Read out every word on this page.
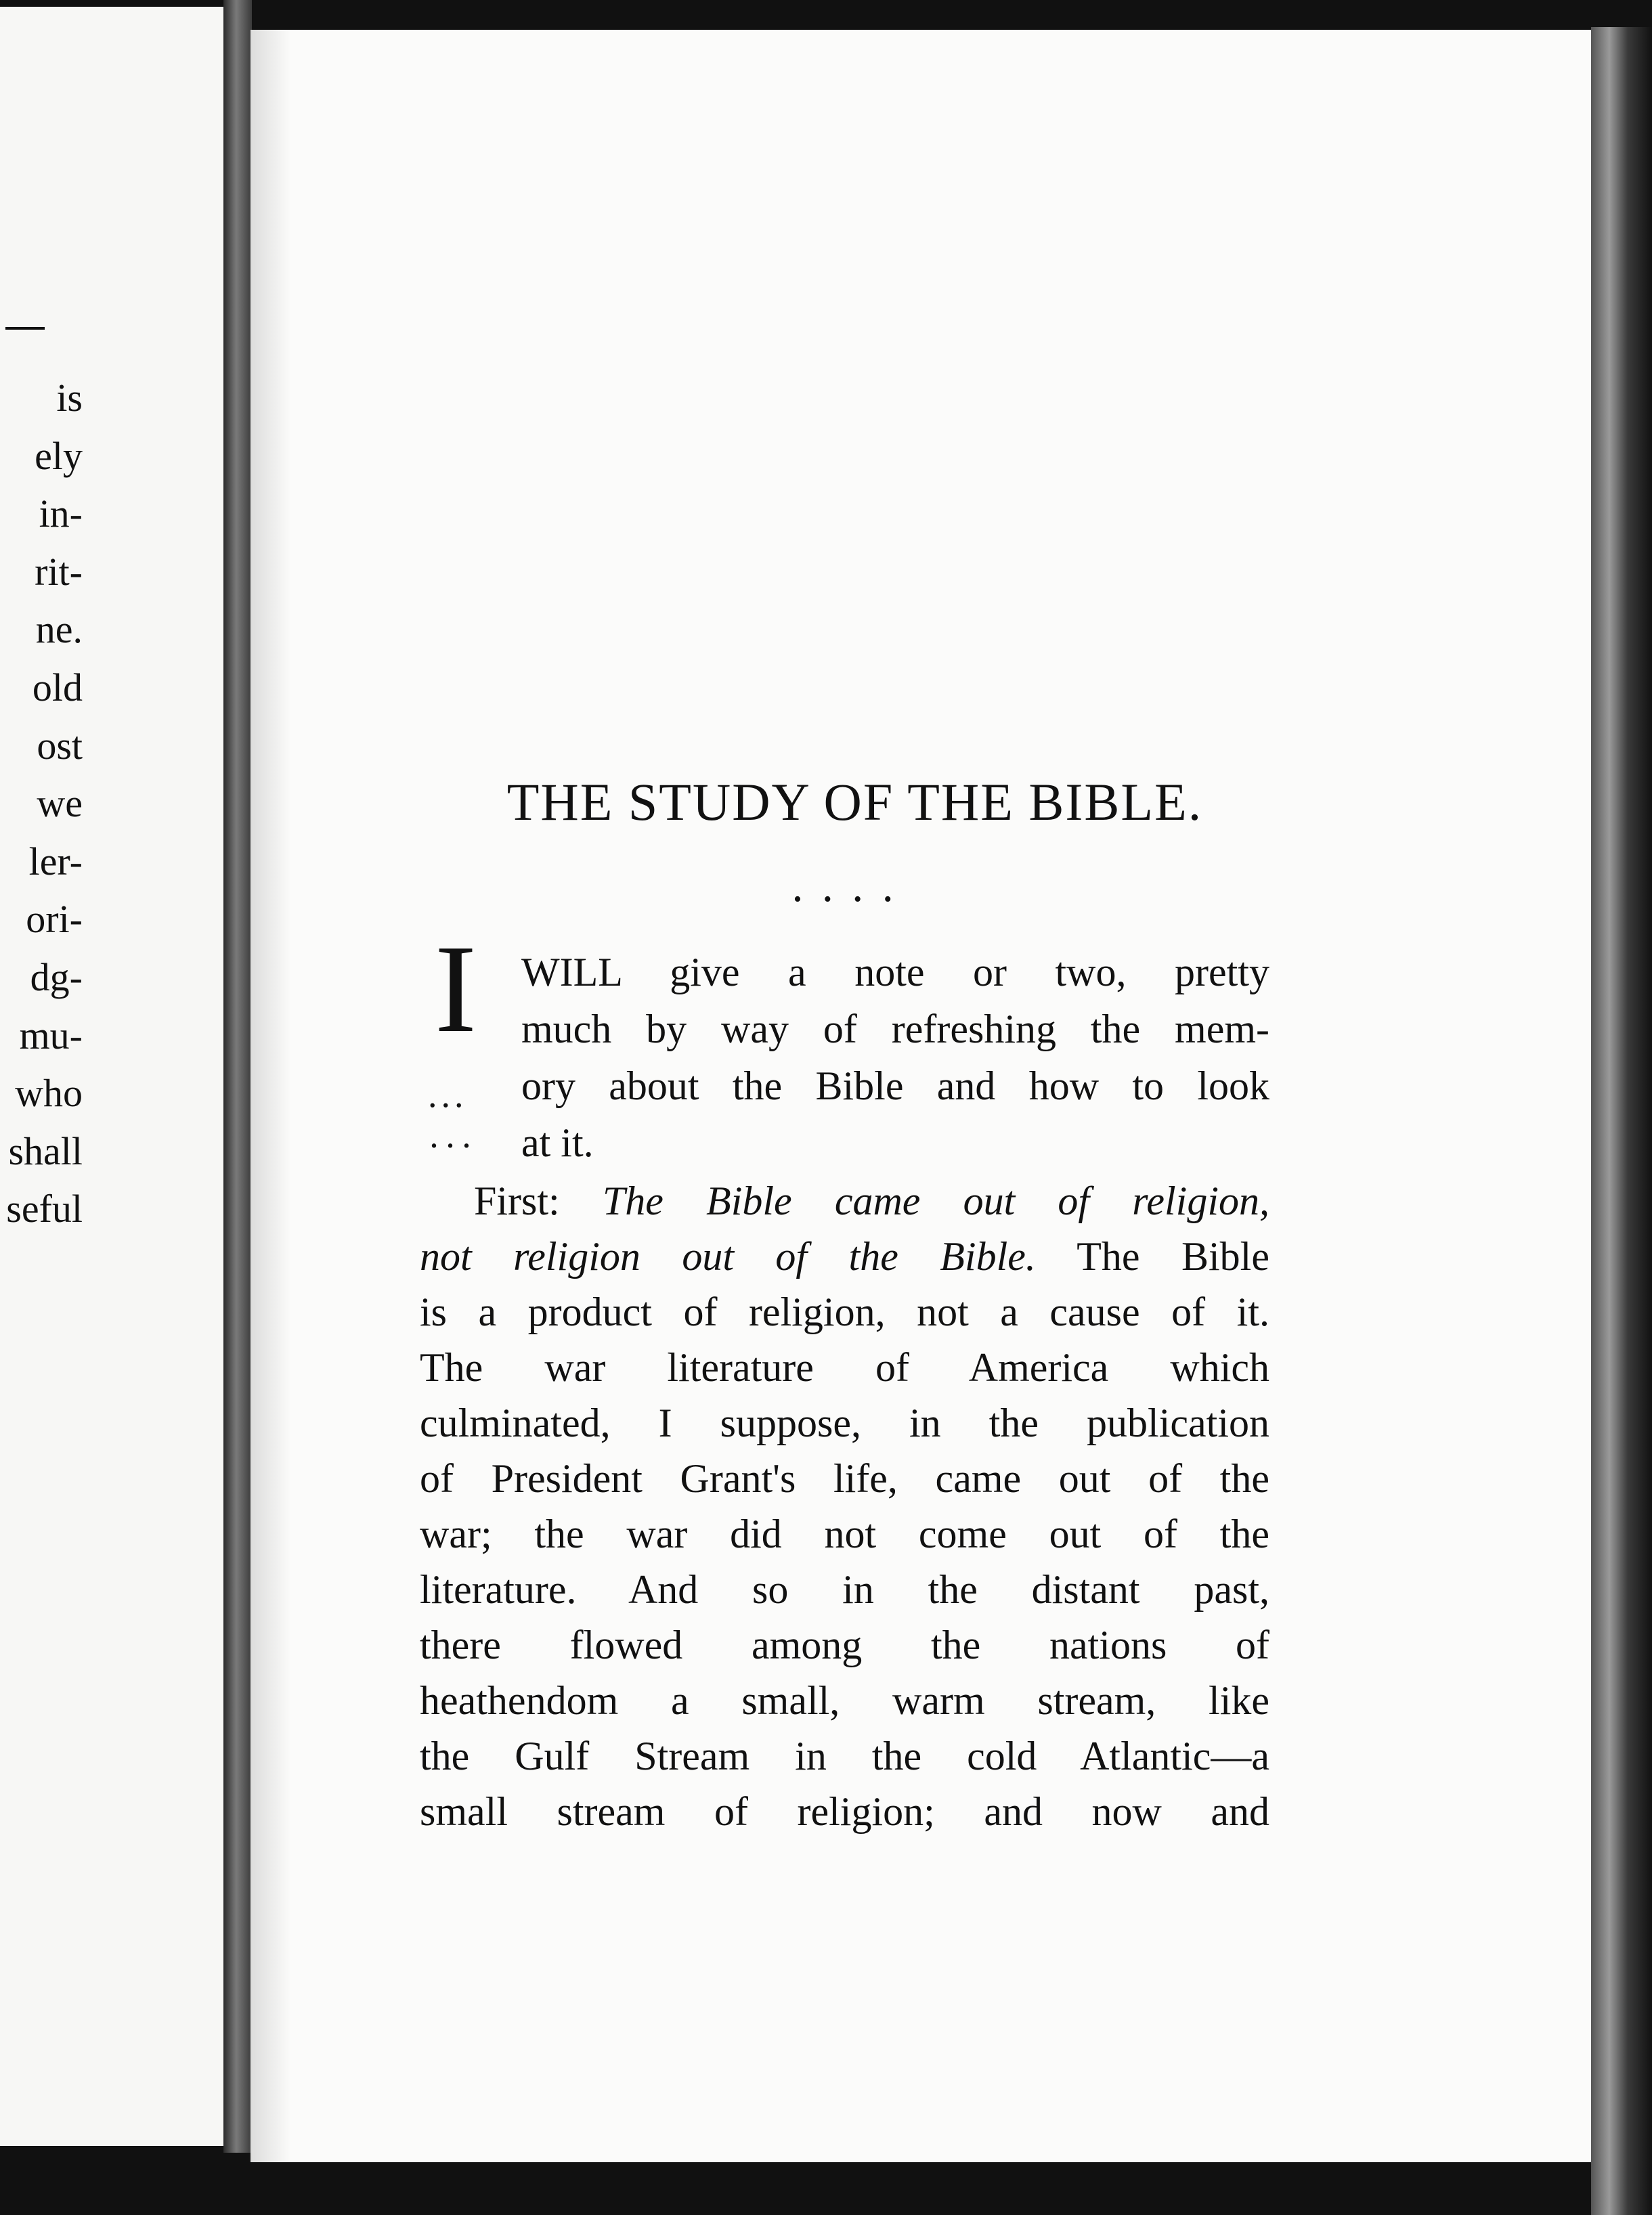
is
ely
in-
rit-
ne.
old
ost
we
ler-
ori-
dg-
mu-
who
shall
seful
THE STUDY OF THE BIBLE.
• • • •
I
...
···
WILL give a note or two, pretty
much by way of refreshing the mem-
ory about the Bible and how to look
at it.
First: The Bible came out of religion,
not religion out of the Bible. The Bible
is a product of religion, not a cause of it.
The war literature of America which
culminated, I suppose, in the publication
of President Grant's life, came out of the
war; the war did not come out of the
literature. And so in the distant past,
there flowed among the nations of
heathendom a small, warm stream, like
the Gulf Stream in the cold Atlantic—a
small stream of religion; and now and
